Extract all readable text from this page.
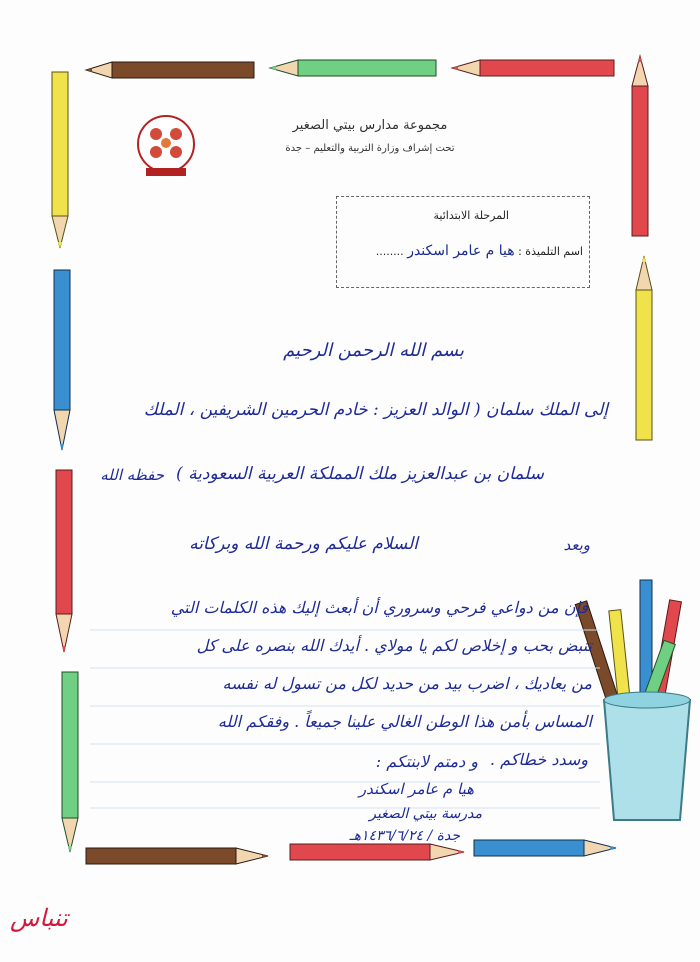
مجموعة مدارس بيتي الصغير
تحت إشراف وزارة التربية والتعليم – جدة
المرحلة الابتدائية
اسم التلميذة : هيا م عامر اسكندر ........
بسم الله الرحمن الرحيم
إلى الملك سلمان ( الوالد العزيز : خادم الحرمين الشريفين ، الملك
سلمان بن عبدالعزيز ملك المملكة العربية السعودية )
حفظه الله
السلام عليكم ورحمة الله وبركاته	وبعد
فإن من دواعي فرحي وسروري أن أبعث إليك هذه الكلمات التي
تنبض بحب و إخلاص لكم يا مولاي . أيدك الله بنصره على كل
من يعاديك ، اضرب بيد من حديد لكل من تسول له نفسه
المساس بأمن هذا الوطن الغالي علينا جميعاً . وفقكم الله
وسدد خطاكم .
و دمتم لابنتكم :
هيا م عامر اسكندر
مدرسة بيتي الصغير
جدة / ١٤٣٦/٦/٢٤هـ
تنباس
